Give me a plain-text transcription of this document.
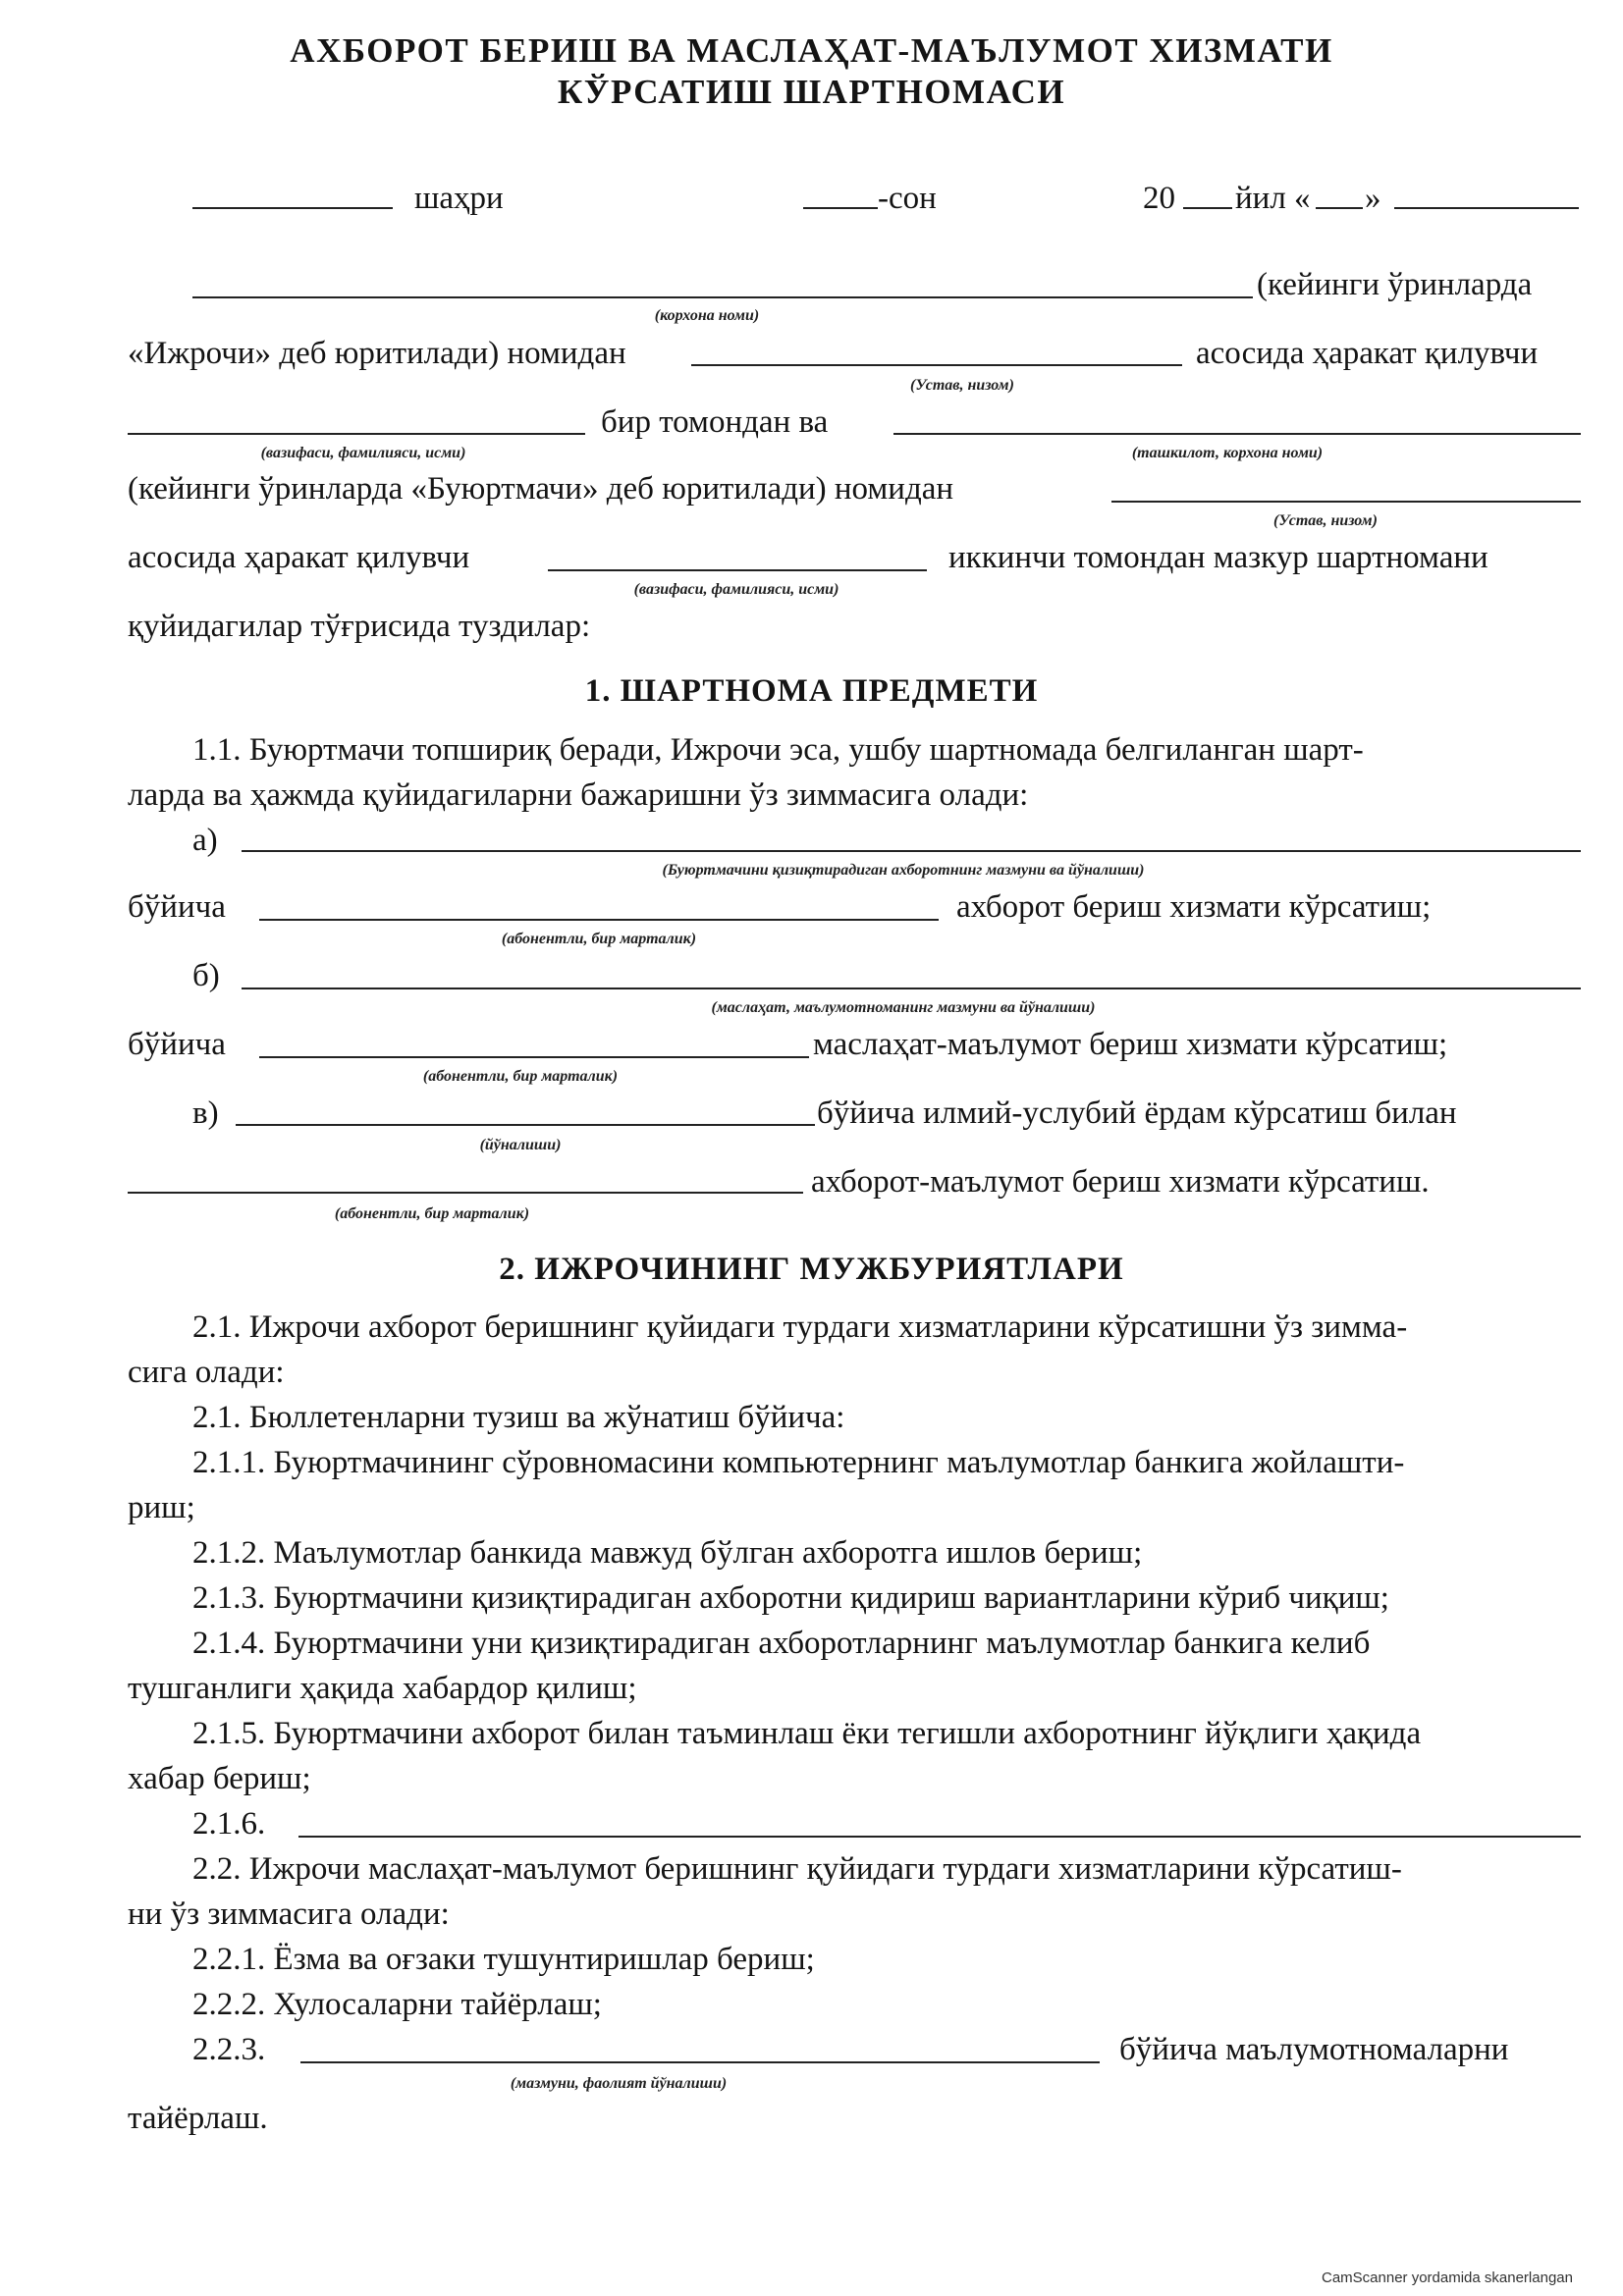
АХБОРОТ БЕРИШ ВА МАСЛАҲАТ-МАЪЛУМОТ ХИЗМАТИ
КЎРСАТИШ ШАРТНОМАСИ
шаҳри	-сон	20 йил « »
(кейинги ўринларда
(корхона номи)
«Ижрочи» деб юритилади) номидан	асосида ҳаракат қилувчи
(Устав, низом)
бир томондан ва
(вазифаси, фамилияси, исми)	(ташкилот, корхона номи)
(кейинги ўринларда «Буюртмачи» деб юритилади) номидан
(Устав, низом)
асосида ҳаракат қилувчи	иккинчи томондан мазкур шартномани
(вазифаси, фамилияси, исми)
қуйидагилар тўғрисида туздилар:
1. ШАРТНОМА ПРЕДМЕТИ
1.1. Буюртмачи топшириқ беради, Ижрочи эса, ушбу шартномада белгиланган шарт-
ларда ва ҳажмда қуйидагиларни бажаришни ўз зиммасига олади:
а)
(Буюртмачини қизиқтирадиган ахборотнинг мазмуни ва йўналиши)
бўйича	ахборот бериш хизмати кўрсатиш;
(абонентли, бир марталик)
б)
(маслаҳат, маълумотноманинг мазмуни ва йўналиши)
бўйича	маслаҳат-маълумот бериш хизмати кўрсатиш;
(абонентли, бир марталик)
в)	бўйича илмий-услубий ёрдам кўрсатиш билан
(йўналиши)
ахборот-маълумот бериш хизмати кўрсатиш.
(абонентли, бир марталик)
2. ИЖРОЧИНИНГ МУЖБУРИЯТЛАРИ
2.1. Ижрочи ахборот беришнинг қуйидаги турдаги хизматларини кўрсатишни ўз зимма-
сига олади:
2.1. Бюллетенларни тузиш ва жўнатиш бўйича:
2.1.1. Буюртмачининг сўровномасини компьютернинг маълумотлар банкига жойлашти-
риш;
2.1.2. Маълумотлар банкида мавжуд бўлган ахборотга ишлов бериш;
2.1.3. Буюртмачини қизиқтирадиган ахборотни қидириш вариантларини кўриб чиқиш;
2.1.4. Буюртмачини уни қизиқтирадиган ахборотларнинг маълумотлар банкига келиб
тушганлиги ҳақида хабардор қилиш;
2.1.5. Буюртмачини ахборот билан таъминлаш ёки тегишли ахборотнинг йўқлиги ҳақида
хабар бериш;
2.1.6.
2.2. Ижрочи маслаҳат-маълумот беришнинг қуйидаги турдаги хизматларини кўрсатиш-
ни ўз зиммасига олади:
2.2.1. Ёзма ва оғзаки тушунтиришлар бериш;
2.2.2. Хулосаларни тайёрлаш;
2.2.3.	бўйича маълумотномаларни
(мазмуни, фаолият йўналиши)
тайёрлаш.
CamScanner yordamida skanerlangan
